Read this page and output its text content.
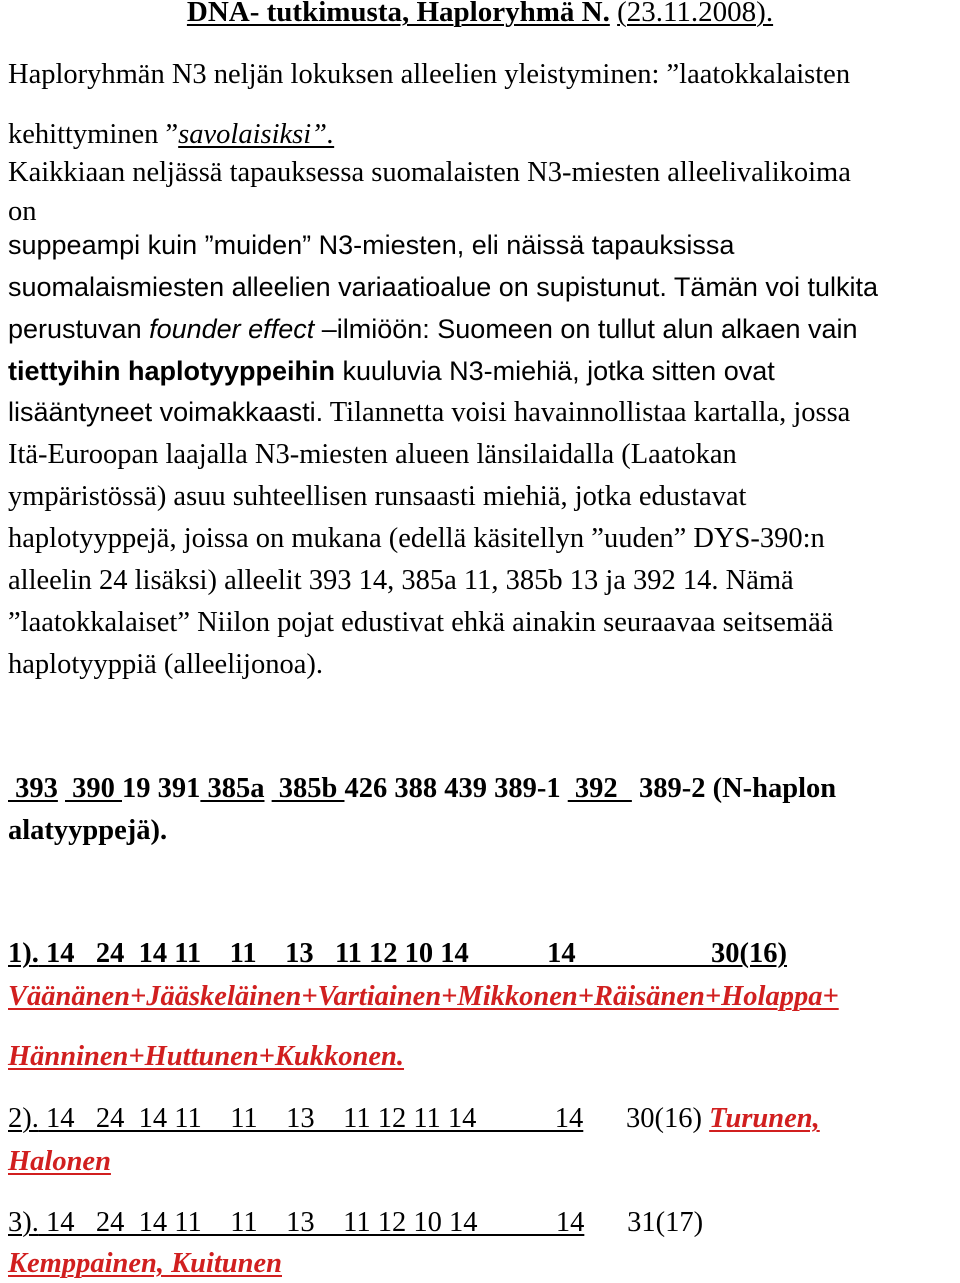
DNA- tutkimusta, Haploryhmä N. (23.11.2008).

Haploryhmän N3 neljän lokuksen alleelien yleistyminen: ”laatokkalaisten

kehittyminen ”savolaisiksi”.

Kaikkiaan neljässä tapauksessa suomalaisten N3-miesten alleelivalikoima

on

suppeampi kuin ”muiden” N3-miesten, eli näissä tapauksissa

suomalaismiesten alleelien variaatioalue on supistunut. Tämän voi tulkita

perustuvan founder effect –ilmiöön: Suomeen on tullut alun alkaen vain

tiettyihin haplotyyppeihin kuuluvia N3-miehiä, jotka sitten ovat

lisääntyneet voimakkaasti. Tilannetta voisi havainnollistaa kartalla, jossa

Itä-Euroopan laajalla N3-miesten alueen länsilaidalla (Laatokan

ympäristössä) asuu suhteellisen runsaasti miehiä, jotka edustavat

haplotyyppejä, joissa on mukana (edellä käsitellyn ”uuden” DYS-390:n

alleelin 24 lisäksi) alleelit 393 14, 385a 11, 385b 13 ja 392 14. Nämä

”laatokkalaiset” Niilon pojat edustivat ehkä ainakin seuraavaa seitsemää

haplotyyppiä (alleelijonoa).

393  390 19 391 385a  385b 426 388 439 389-1  392   389-2 (N-haplon

alatyyppejä).

1). 14   24  14 11    11    13   11 12 10 14           14                   30(16)

Väänänen+Jääskeläinen+Vartiainen+Mikkonen+Räisänen+Holappa+

Hänninen+Huttunen+Kukkonen.

2). 14   24  14 11    11    13    11 12 11 14           14      30(16) Turunen,

Halonen

3). 14   24  14 11    11    13    11 12 10 14           14      31(17)

Kemppainen, Kuitunen
